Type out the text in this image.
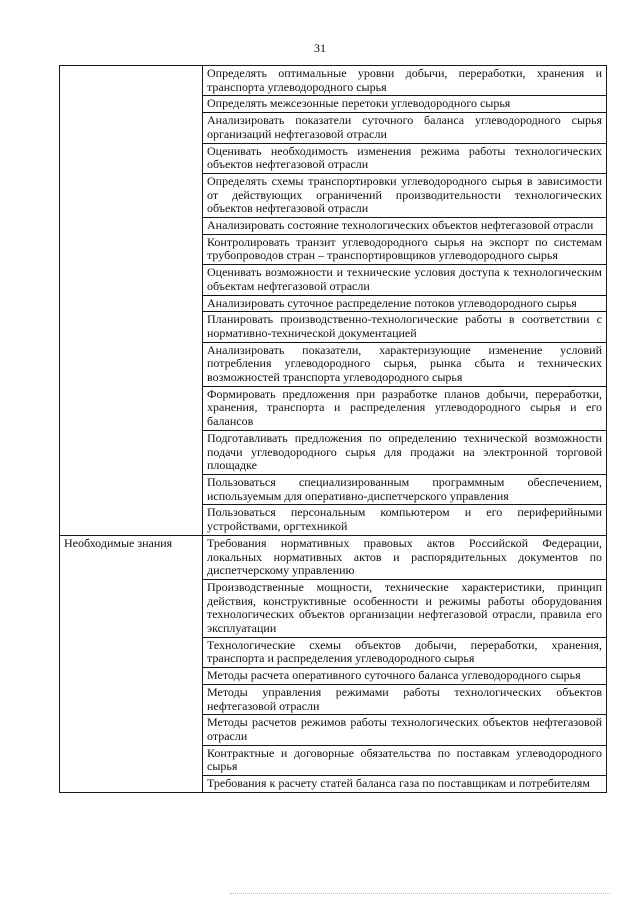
31
	Определять оптимальные уровни добычи, переработки, хранения и транспорта углеводородного сырья
	Определять межсезонные перетоки углеводородного сырья
	Анализировать показатели суточного баланса углеводородного сырья организаций нефтегазовой отрасли
	Оценивать необходимость изменения режима работы технологических объектов нефтегазовой отрасли
	Определять схемы транспортировки углеводородного сырья в зависимости от действующих ограничений производительности технологических объектов нефтегазовой отрасли
	Анализировать состояние технологических объектов нефтегазовой отрасли
	Контролировать транзит углеводородного сырья на экспорт по системам трубопроводов стран – транспортировщиков углеводородного сырья
	Оценивать возможности и технические условия доступа к технологическим объектам нефтегазовой отрасли
	Анализировать суточное распределение потоков углеводородного сырья
	Планировать производственно-технологические работы в соответствии с нормативно-технической документацией
	Анализировать показатели, характеризующие изменение условий потребления углеводородного сырья, рынка сбыта и технических возможностей транспорта углеводородного сырья
	Формировать предложения при разработке планов добычи, переработки, хранения, транспорта и распределения углеводородного сырья и его балансов
	Подготавливать предложения по определению технической возможности подачи углеводородного сырья для продажи на электронной торговой площадке
	Пользоваться специализированным программным обеспечением, используемым для оперативно-диспетчерского управления
	Пользоваться персональным компьютером и его периферийными устройствами, оргтехникой
Необходимые знания	Требования нормативных правовых актов Российской Федерации, локальных нормативных актов и распорядительных документов по диспетчерскому управлению
	Производственные мощности, технические характеристики, принцип действия, конструктивные особенности и режимы работы оборудования технологических объектов организации нефтегазовой отрасли, правила его эксплуатации
	Технологические схемы объектов добычи, переработки, хранения, транспорта и распределения углеводородного сырья
	Методы расчета оперативного суточного баланса углеводородного сырья
	Методы управления режимами работы технологических объектов нефтегазовой отрасли
	Методы расчетов режимов работы технологических объектов нефтегазовой отрасли
	Контрактные и договорные обязательства по поставкам углеводородного сырья
	Требования к расчету статей баланса газа по поставщикам и потребителям
